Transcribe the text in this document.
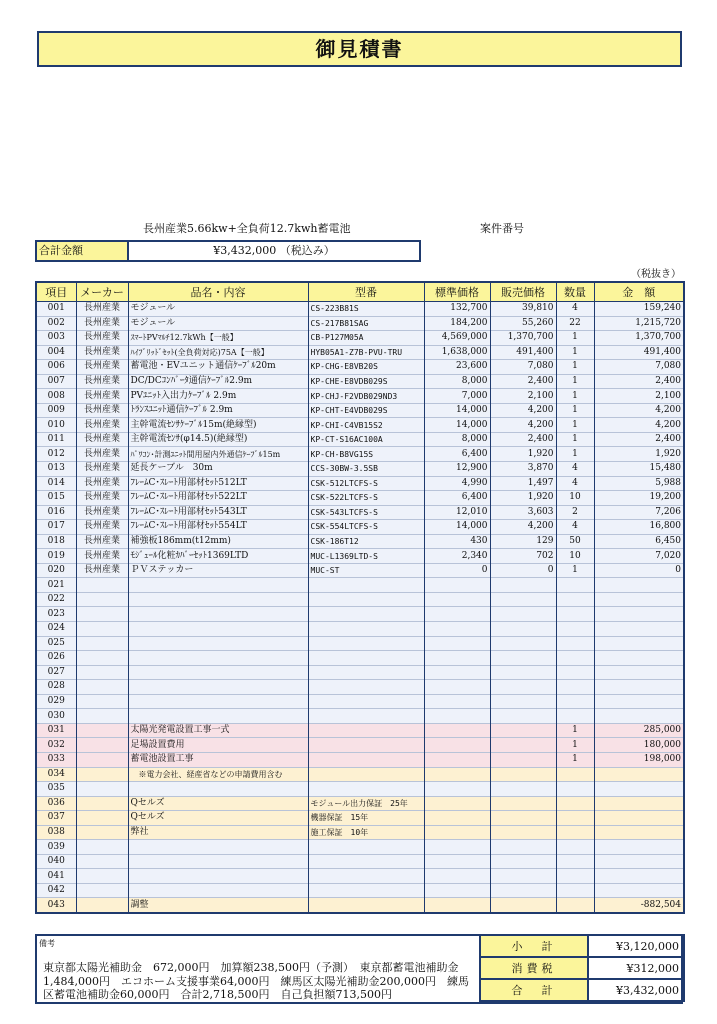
御見積書
長州産業5.66kw+全負荷12.7kwh蓄電池	案件番号
合計金額	¥3,432,000 （税込み）
（税抜き）
項目	メーカー	品名・内容	型番	標準価格	販売価格	数量	金　額
001	長州産業	モジュール	CS-223B81S	132,700	39,810	4	159,240
002	長州産業	モジュール	CS-217B81SAG	184,200	55,260	22	1,215,720
003	長州産業	ｽﾏｰﾄPVﾏﾙﾁ12.7kWh【一般】	CB-P127M05A	4,569,000	1,370,700	1	1,370,700
004	長州産業	ﾊｲﾌﾞﾘｯﾄﾞｾｯﾄ(全負荷対応)75A【一般】	HYB05A1-Z7B-PVU-TRU	1,638,000	491,400	1	491,400
006	長州産業	蓄電池・EVユニット通信ｹｰﾌﾞﾙ20m	KP-CHG-E8VB20S	23,600	7,080	1	7,080
007	長州産業	DC/DCｺﾝﾊﾞｰﾀ通信ｹｰﾌﾞﾙ2.9m	KP-CHE-E8VDB029S	8,000	2,400	1	2,400
008	長州産業	PVﾕﾆｯﾄ入出力ｹｰﾌﾞﾙ 2.9m	KP-CHJ-F2VDB029ND3	7,000	2,100	1	2,100
009	長州産業	ﾄﾗﾝｽﾕﾆｯﾄ通信ｹｰﾌﾞﾙ 2.9m	KP-CHT-E4VDB029S	14,000	4,200	1	4,200
010	長州産業	主幹電流ｾﾝｻｹｰﾌﾞﾙ15m(絶縁型)	KP-CHI-C4VB15S2	14,000	4,200	1	4,200
011	長州産業	主幹電流ｾﾝｻ(φ14.5)(絶縁型)	KP-CT-S16AC100A	8,000	2,400	1	2,400
012	長州産業	ﾊﾟﾜｺﾝ･計測ﾕﾆｯﾄ間用屋内外通信ｹｰﾌﾞﾙ15m	KP-CH-B8VG15S	6,400	1,920	1	1,920
013	長州産業	延長ケーブル　30m	CCS-30BW-3.5SB	12,900	3,870	4	15,480
014	長州産業	ﾌﾚｰﾑC･ｽﾚｰﾄ用部材ｾｯﾄ512LT	CSK-512LTCFS-S	4,990	1,497	4	5,988
015	長州産業	ﾌﾚｰﾑC･ｽﾚｰﾄ用部材ｾｯﾄ522LT	CSK-522LTCFS-S	6,400	1,920	10	19,200
016	長州産業	ﾌﾚｰﾑC･ｽﾚｰﾄ用部材ｾｯﾄ543LT	CSK-543LTCFS-S	12,010	3,603	2	7,206
017	長州産業	ﾌﾚｰﾑC･ｽﾚｰﾄ用部材ｾｯﾄ554LT	CSK-554LTCFS-S	14,000	4,200	4	16,800
018	長州産業	補強板186mm(t12mm)	CSK-186T12	430	129	50	6,450
019	長州産業	ﾓｼﾞｭｰﾙ化粧ｶﾊﾞｰｾｯﾄ1369LTD	MUC-L1369LTD-S	2,340	702	10	7,020
020	長州産業	ＰＶステッカー	MUC-ST	0	0	1	0
021							
022							
023							
024							
025							
026							
027							
028							
029							
030							
031		太陽光発電設置工事一式				1	285,000
032		足場設置費用				1	180,000
033		蓄電池設置工事				1	198,000
034		　※電力会社、経産省などの申請費用含む					
035							
036		Qセルズ	モジュール出力保証　25年				
037		Qセルズ	機器保証　15年				
038		弊社	施工保証　10年				
039							
040							
041							
042							
043		調整					-882,504
備考
東京都太陽光補助金　672,000円　加算額238,500円（予測）　東京都蓄電池補助金　1,484,000円　エコホーム支援事業64,000円　練馬区太陽光補助金200,000円　練馬区蓄電池補助金60,000円　合計2,718,500円　自己負担額713,500円
小　計	¥3,120,000
消費税	¥312,000
合　計	¥3,432,000
